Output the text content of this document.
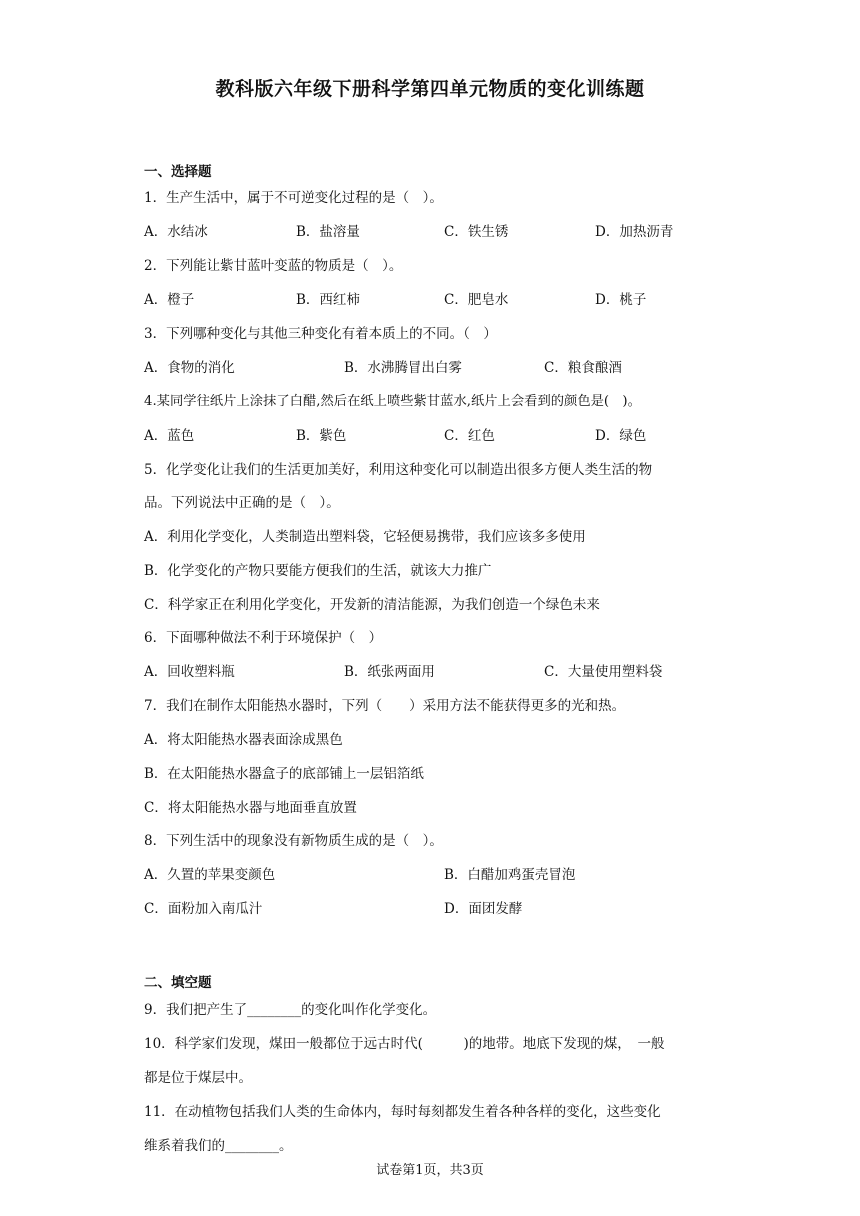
教科版六年级下册科学第四单元物质的变化训练题
一、选择题
1．生产生活中，属于不可逆变化过程的是（　）。
A．水结冰	B．盐溶量	C．铁生锈	D．加热沥青
2．下列能让紫甘蓝叶变蓝的物质是（　）。
A．橙子	B．西红柿	C．肥皂水	D．桃子
3．下列哪种变化与其他三种变化有着本质上的不同。（　）
A．食物的消化	B．水沸腾冒出白雾	C．粮食酿酒
4.某同学往纸片上涂抹了白醋,然后在纸上喷些紫甘蓝水,纸片上会看到的颜色是(　)。
A．蓝色	B．紫色	C．红色	D．绿色
5．化学变化让我们的生活更加美好，利用这种变化可以制造出很多方便人类生活的物
品。下列说法中正确的是（　）。
A．利用化学变化，人类制造出塑料袋，它轻便易携带，我们应该多多使用
B．化学变化的产物只要能方便我们的生活，就该大力推广
C．科学家正在利用化学变化，开发新的清洁能源，为我们创造一个绿色未来
6．下面哪种做法不利于环境保护（　）
A．回收塑料瓶	B．纸张两面用	C．大量使用塑料袋
7．我们在制作太阳能热水器时，下列（　　）采用方法不能获得更多的光和热。
A．将太阳能热水器表面涂成黑色
B．在太阳能热水器盒子的底部铺上一层铝箔纸
C．将太阳能热水器与地面垂直放置
8．下列生活中的现象没有新物质生成的是（　）。
A．久置的苹果变颜色	B．白醋加鸡蛋壳冒泡
C．面粉加入南瓜汁	D．面团发酵
二、填空题
9．我们把产生了________的变化叫作化学变化。
10．科学家们发现，煤田一般都位于远古时代(　　　)的地带。地底下发现的煤，　一般
都是位于煤层中。
11．在动植物包括我们人类的生命体内，每时每刻都发生着各种各样的变化，这些变化
维系着我们的________。
试卷第1页，共3页
